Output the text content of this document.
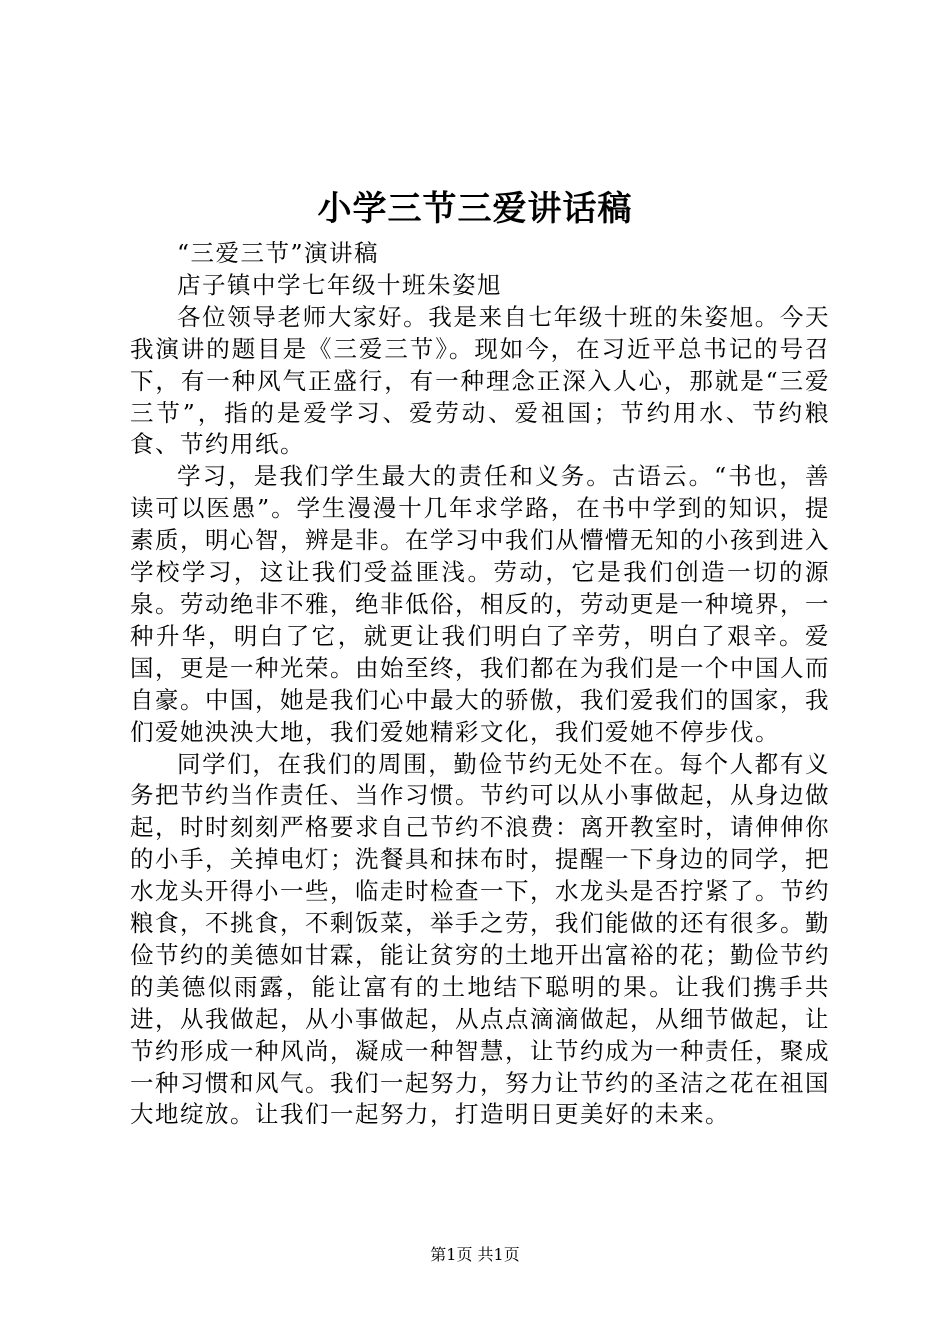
小学三节三爱讲话稿

“三爱三节”演讲稿

店子镇中学七年级十班朱姿旭

各位领导老师大家好。我是来自七年级十班的朱姿旭。今天我演讲的题目是《三爱三节》。现如今，在习近平总书记的号召下，有一种风气正盛行，有一种理念正深入人心，那就是“三爱三节”，指的是爱学习、爱劳动、爱祖国；节约用水、节约粮食、节约用纸。

学习，是我们学生最大的责任和义务。古语云。“书也，善读可以医愚”。学生漫漫十几年求学路，在书中学到的知识，提素质，明心智，辨是非。在学习中我们从懵懵无知的小孩到进入学校学习，这让我们受益匪浅。劳动，它是我们创造一切的源泉。劳动绝非不雅，绝非低俗，相反的，劳动更是一种境界，一种升华，明白了它，就更让我们明白了辛劳，明白了艰辛。爱国，更是一种光荣。由始至终，我们都在为我们是一个中国人而自豪。中国，她是我们心中最大的骄傲，我们爱我们的国家，我们爱她泱泱大地，我们爱她精彩文化，我们爱她不停步伐。

同学们，在我们的周围，勤俭节约无处不在。每个人都有义务把节约当作责任、当作习惯。节约可以从小事做起，从身边做起，时时刻刻严格要求自己节约不浪费：离开教室时，请伸伸你的小手，关掉电灯；洗餐具和抹布时，提醒一下身边的同学，把水龙头开得小一些，临走时检查一下，水龙头是否拧紧了。节约粮食，不挑食，不剩饭菜，举手之劳，我们能做的还有很多。勤俭节约的美德如甘霖，能让贫穷的土地开出富裕的花；勤俭节约的美德似雨露，能让富有的土地结下聪明的果。让我们携手共进，从我做起，从小事做起，从点点滴滴做起，从细节做起，让节约形成一种风尚，凝成一种智慧，让节约成为一种责任，聚成一种习惯和风气。我们一起努力，努力让节约的圣洁之花在祖国大地绽放。让我们一起努力，打造明日更美好的未来。

第1页 共1页
